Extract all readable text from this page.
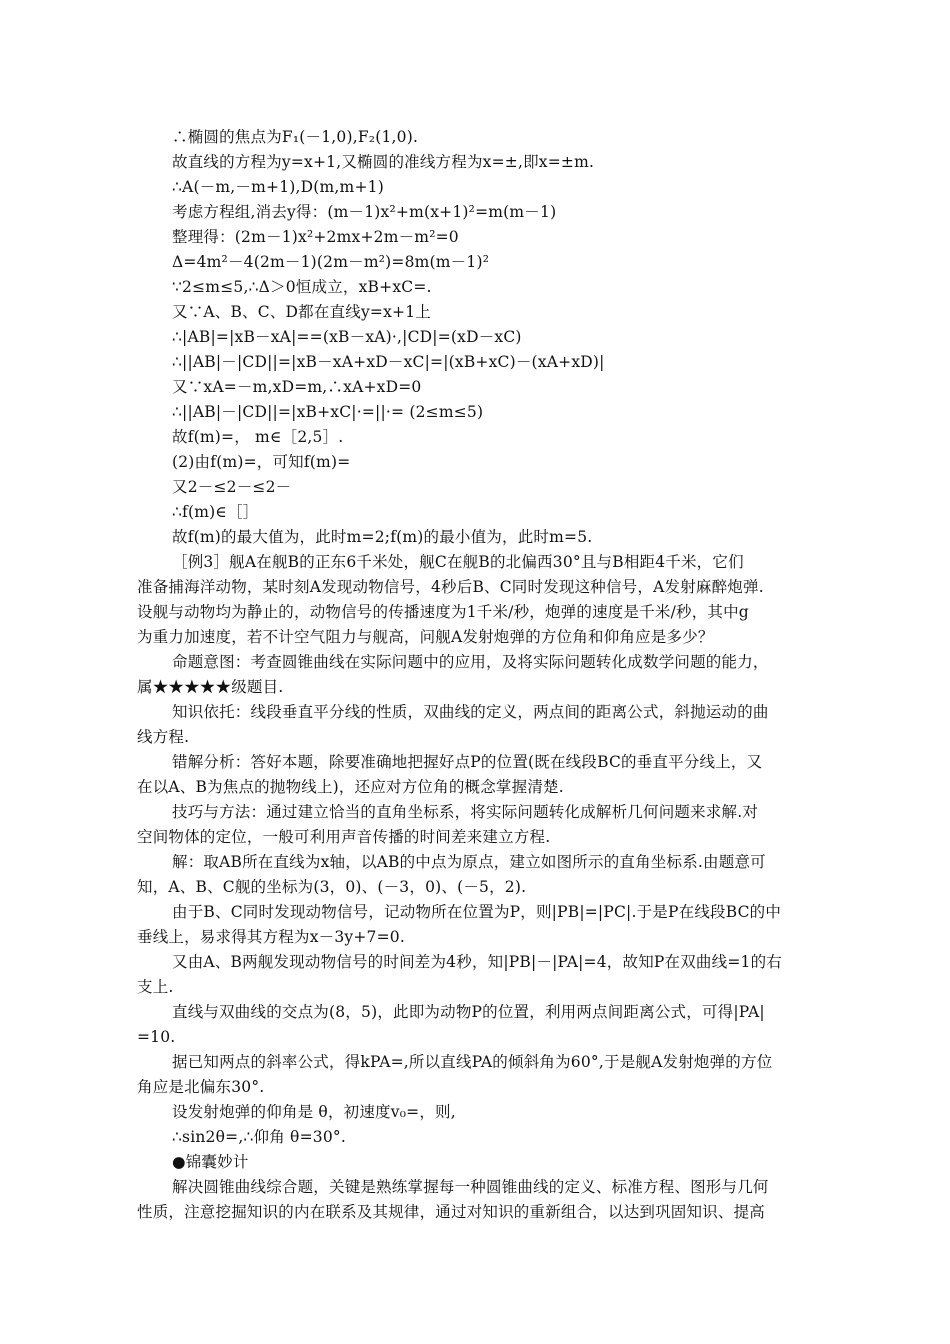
∴椭圆的焦点为F₁(－1,0),F₂(1,0).
故直线的方程为y=x+1,又椭圆的准线方程为x=±,即x=±m.
∴A(－m,－m+1),D(m,m+1)
考虑方程组,消去y得：(m－1)x²+m(x+1)²=m(m－1)
整理得：(2m－1)x²+2mx+2m－m²=0
Δ=4m²－4(2m－1)(2m－m²)=8m(m－1)²
∵2≤m≤5,∴Δ＞0恒成立，xB+xC=.
又∵A、B、C、D都在直线y=x+1上
∴|AB|=|xB－xA|==(xB－xA)·,|CD|=(xD－xC)
∴||AB|－|CD||=|xB－xA+xD－xC|=|(xB+xC)－(xA+xD)|
又∵xA=－m,xD=m,∴xA+xD=0
∴||AB|－|CD||=|xB+xC|·=||·= (2≤m≤5)
故f(m)=， m∈［2,5］.
(2)由f(m)=，可知f(m)=
又2－≤2－≤2－
∴f(m)∈［］
故f(m)的最大值为，此时m=2;f(m)的最小值为，此时m=5.
［例3］舰A在舰B的正东6千米处，舰C在舰B的北偏西30°且与B相距4千米，它们
准备捕海洋动物，某时刻A发现动物信号，4秒后B、C同时发现这种信号，A发射麻醉炮弹.
设舰与动物均为静止的，动物信号的传播速度为1千米/秒，炮弹的速度是千米/秒，其中g
为重力加速度，若不计空气阻力与舰高，问舰A发射炮弹的方位角和仰角应是多少？
命题意图：考查圆锥曲线在实际问题中的应用，及将实际问题转化成数学问题的能力，
属★★★★★级题目.
知识依托：线段垂直平分线的性质，双曲线的定义，两点间的距离公式，斜抛运动的曲
线方程.
错解分析：答好本题，除要准确地把握好点P的位置(既在线段BC的垂直平分线上，又
在以A、B为焦点的抛物线上)，还应对方位角的概念掌握清楚.
技巧与方法：通过建立恰当的直角坐标系，将实际问题转化成解析几何问题来求解.对
空间物体的定位，一般可利用声音传播的时间差来建立方程.
解：取AB所在直线为x轴，以AB的中点为原点，建立如图所示的直角坐标系.由题意可
知，A、B、C舰的坐标为(3，0)、(－3，0)、(－5，2).
由于B、C同时发现动物信号，记动物所在位置为P，则|PB|=|PC|.于是P在线段BC的中
垂线上，易求得其方程为x－3y+7=0.
又由A、B两舰发现动物信号的时间差为4秒，知|PB|－|PA|=4，故知P在双曲线=1的右
支上.
直线与双曲线的交点为(8，5)，此即为动物P的位置，利用两点间距离公式，可得|PA|
=10.
据已知两点的斜率公式，得kPA=,所以直线PA的倾斜角为60°,于是舰A发射炮弹的方位
角应是北偏东30°.
设发射炮弹的仰角是 θ，初速度v₀=，则,
∴sin2θ=,∴仰角 θ=30°.
●锦囊妙计
解决圆锥曲线综合题，关键是熟练掌握每一种圆锥曲线的定义、标准方程、图形与几何
性质，注意挖掘知识的内在联系及其规律，通过对知识的重新组合，以达到巩固知识、提高
